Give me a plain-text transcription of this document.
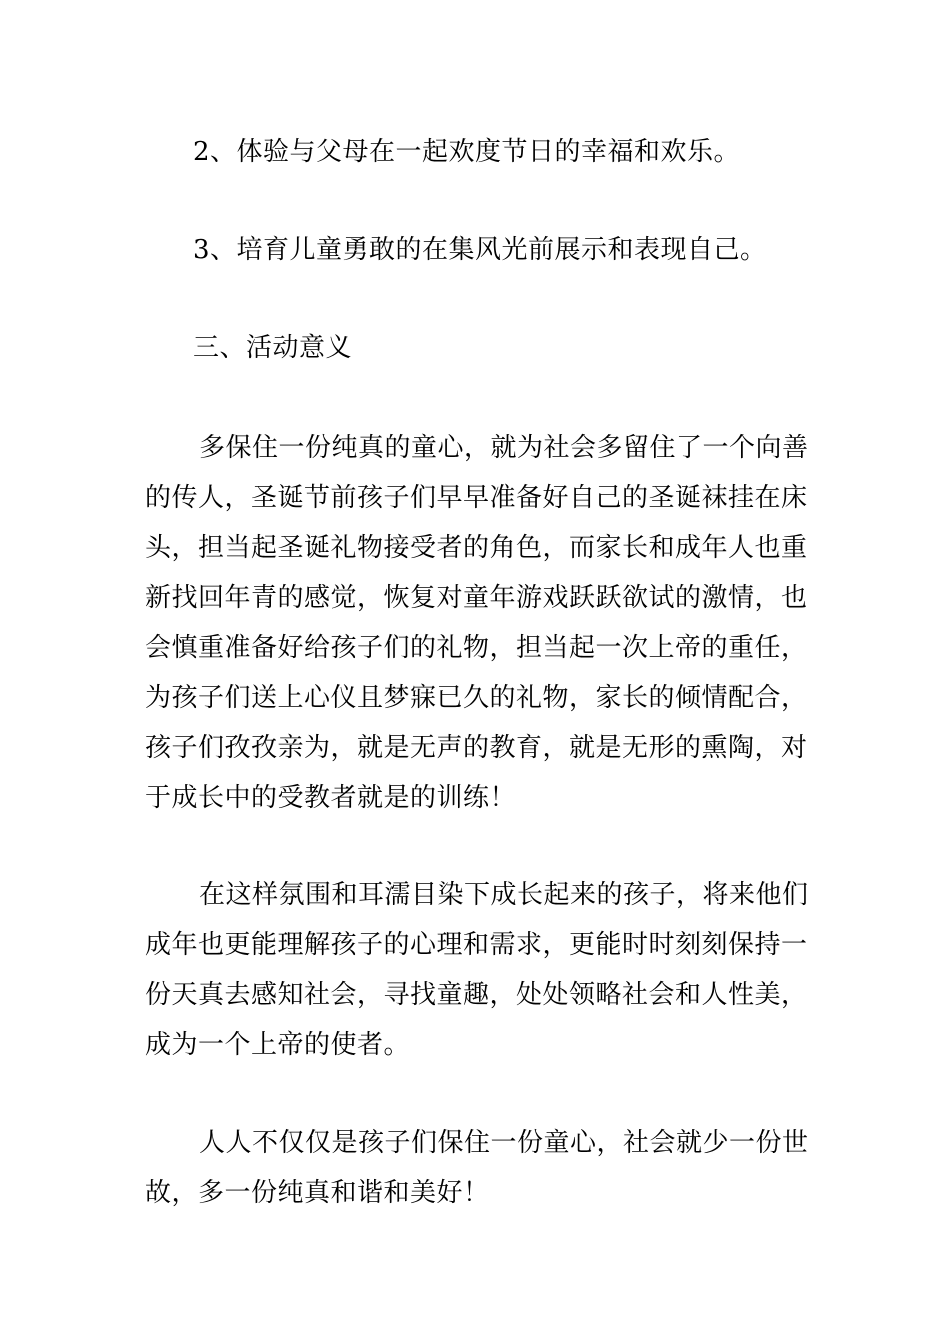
2、体验与父母在一起欢度节日的幸福和欢乐。
3、培育儿童勇敢的在集风光前展示和表现自己。
三、活动意义
多保住一份纯真的童心，就为社会多留住了一个向善
的传人，圣诞节前孩子们早早准备好自己的圣诞袜挂在床
头，担当起圣诞礼物接受者的角色，而家长和成年人也重
新找回年青的感觉，恢复对童年游戏跃跃欲试的激情，也
会慎重准备好给孩子们的礼物，担当起一次上帝的重任，
为孩子们送上心仪且梦寐已久的礼物，家长的倾情配合，
孩子们孜孜亲为，就是无声的教育，就是无形的熏陶，对
于成长中的受教者就是的训练！
在这样氛围和耳濡目染下成长起来的孩子，将来他们
成年也更能理解孩子的心理和需求，更能时时刻刻保持一
份天真去感知社会，寻找童趣，处处领略社会和人性美，
成为一个上帝的使者。
人人不仅仅是孩子们保住一份童心，社会就少一份世
故，多一份纯真和谐和美好！
